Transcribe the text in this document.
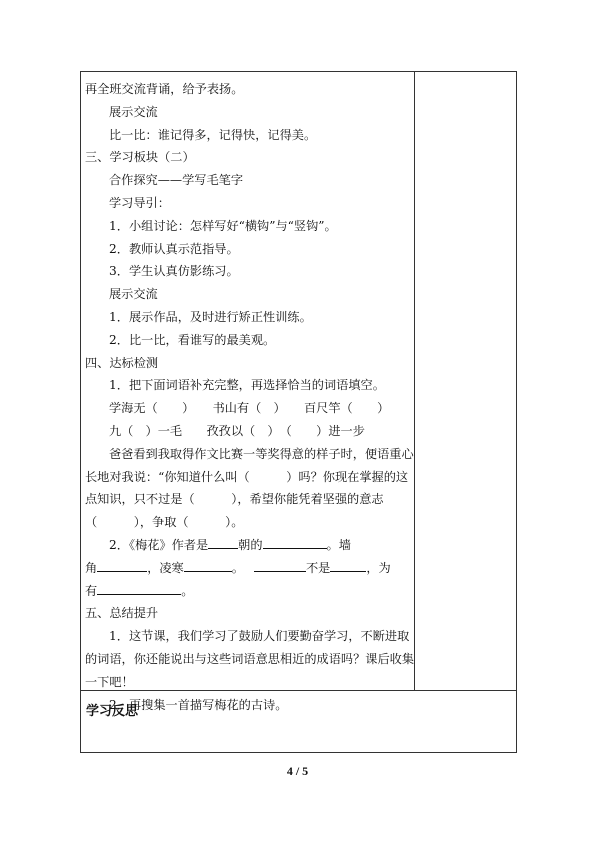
再全班交流背诵，给予表扬。
展示交流
比一比：谁记得多，记得快，记得美。
三、学习板块（二）
合作探究——学写毛笔字
学习导引：
1．小组讨论：怎样写好“横钩”与“竖钩”。
2．教师认真示范指导。
3．学生认真仿影练习。
展示交流
1．展示作品，及时进行矫正性训练。
2．比一比，看谁写的最美观。
四、达标检测
1．把下面词语补充完整，再选择恰当的词语填空。
学海无（　　）　　书山有（　）　　百尺竿（　　）
九（　）一毛　　孜孜以（　）　（　　）进一步
爸爸看到我取得作文比赛一等奖得意的样子时，便语重心
长地对我说：“你知道什么叫（　　　）吗？你现在掌握的这
点知识，只不过是（　　　），希望你能凭着坚强的意志
（　　　），争取（　　　）。
2．《梅花》作者是 朝的	。墙
角	，凌寒	。	不是	，为
有	。
五、总结提升
1．这节课，我们学习了鼓励人们要勤奋学习，不断进取
的词语，你还能说出与这些词语意思相近的成语吗？课后收集
一下吧！
2．再搜集一首描写梅花的古诗。
学习反思
4 / 5
